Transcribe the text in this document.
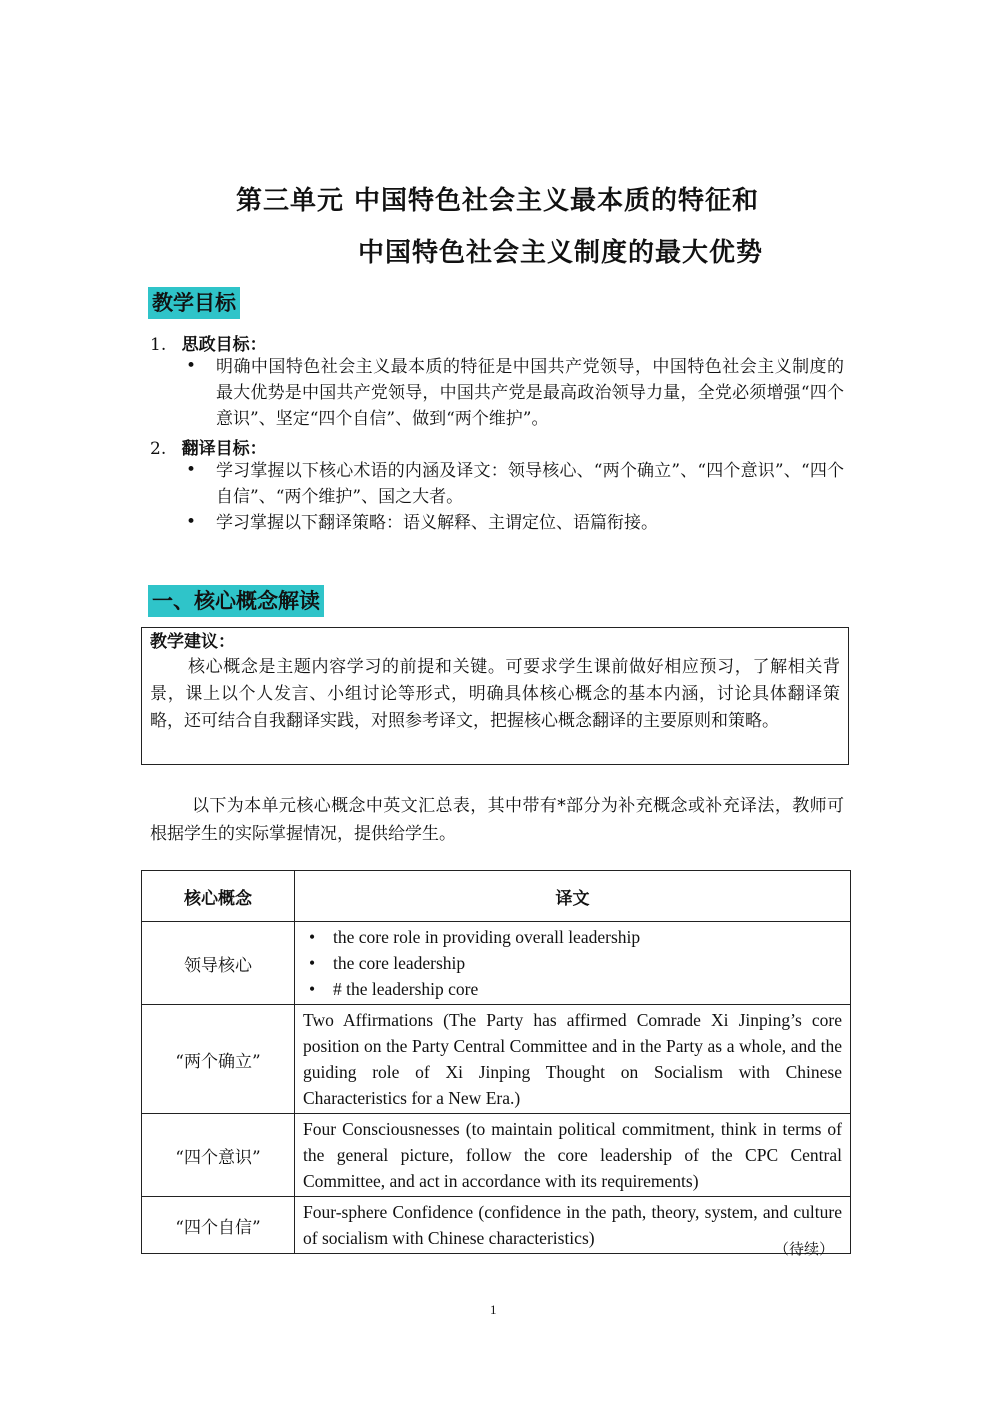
第三单元 中国特色社会主义最本质的特征和
中国特色社会主义制度的最大优势
教学目标
1. 思政目标：
• 明确中国特色社会主义最本质的特征是中国共产党领导，中国特色社会主义制度的最大优势是中国共产党领导，中国共产党是最高政治领导力量，全党必须增强“四个意识”、坚定“四个自信”、做到“两个维护”。
2. 翻译目标：
• 学习掌握以下核心术语的内涵及译文：领导核心、“两个确立”、“四个意识”、“四个自信”、“两个维护”、国之大者。
• 学习掌握以下翻译策略：语义解释、主谓定位、语篇衔接。
一、核心概念解读
教学建议：

核心概念是主题内容学习的前提和关键。可要求学生课前做好相应预习，了解相关背景，课上以个人发言、小组讨论等形式，明确具体核心概念的基本内涵，讨论具体翻译策略，还可结合自我翻译实践，对照参考译文，把握核心概念翻译的主要原则和策略。

以下为本单元核心概念中英文汇总表，其中带有*部分为补充概念或补充译法，教师可根据学生的实际掌握情况，提供给学生。

核心概念	译文
领导核心	• the core role in providing overall leadership
• the core leadership
• # the leadership core

“两个确立”	Two Affirmations (The Party has affirmed Comrade Xi Jinping’s core position on the Party Central Committee and in the Party as a whole, and the guiding role of Xi Jinping Thought on Socialism with Chinese Characteristics for a New Era.)
“四个意识”	Four Consciousnesses (to maintain political commitment, think in terms of the general picture, follow the core leadership of the CPC Central Committee, and act in accordance with its requirements)
“四个自信”	Four-sphere Confidence (confidence in the path, theory, system, and culture of socialism with Chinese characteristics)
（待续）
1
